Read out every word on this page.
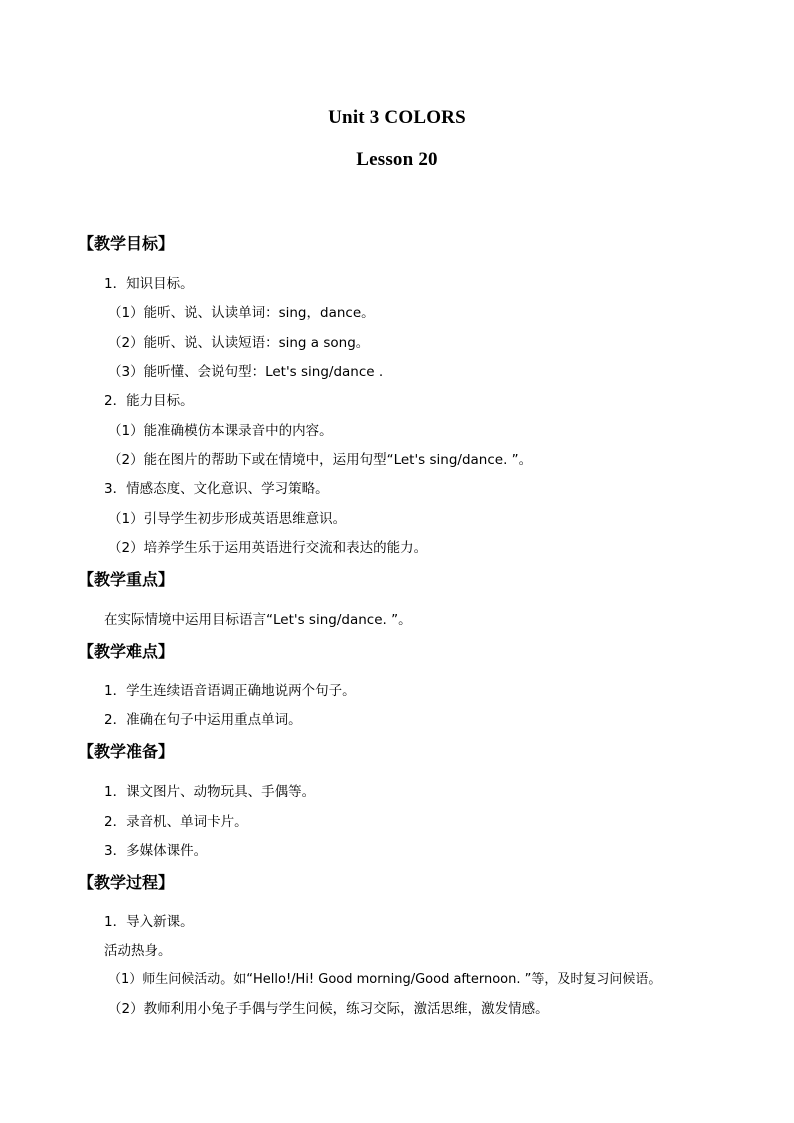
Unit 3 COLORS
Lesson 20
【教学目标】
1．知识目标。
（1）能听、说、认读单词：sing，dance。
（2）能听、说、认读短语：sing a song。
（3）能听懂、会说句型：Let's sing/dance .
2．能力目标。
（1）能准确模仿本课录音中的内容。
（2）能在图片的帮助下或在情境中，运用句型“Let's sing/dance. ”。
3．情感态度、文化意识、学习策略。
（1）引导学生初步形成英语思维意识。
（2）培养学生乐于运用英语进行交流和表达的能力。
【教学重点】
在实际情境中运用目标语言“Let's sing/dance. ”。
【教学难点】
1．学生连续语音语调正确地说两个句子。
2．准确在句子中运用重点单词。
【教学准备】
1．课文图片、动物玩具、手偶等。
2．录音机、单词卡片。
3．多媒体课件。
【教学过程】
1．导入新课。
活动热身。
（1）师生问候活动。如“Hello!/Hi! Good morning/Good afternoon. ”等，及时复习问候语。
（2）教师利用小兔子手偶与学生问候，练习交际，激活思维，激发情感。
